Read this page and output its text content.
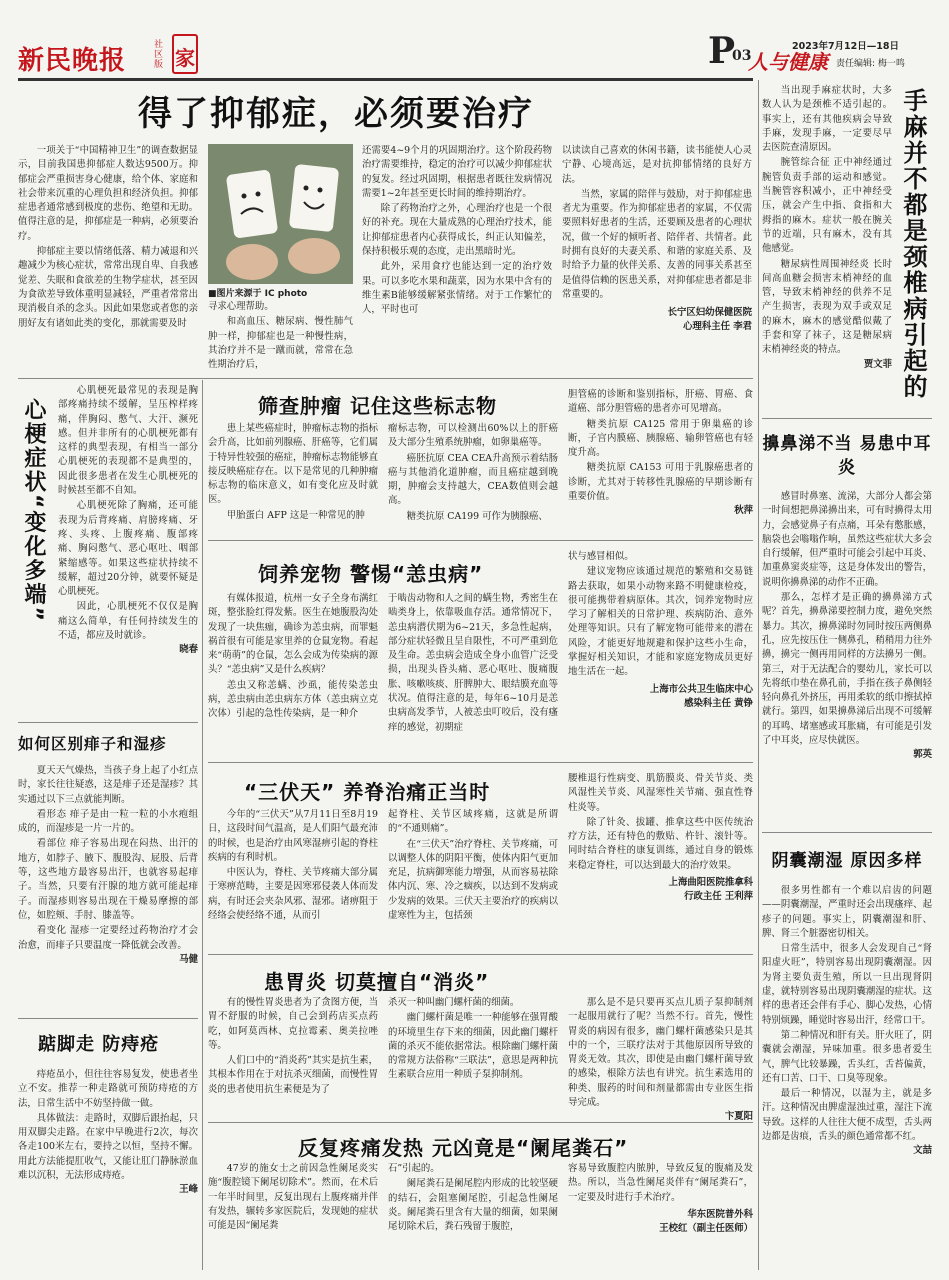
新民晚报
社区版 家	P
03
人与健康
2023年7月12日—18日
责任编辑: 梅一鸣
得了抑郁症，必须要治疗

一项关于“中国精神卫生”的调查数据显示，目前我国患抑郁症人数达9500万。抑郁症会严重损害身心健康，给个体、家庭和社会带来沉重的心理负担和经济负担。抑郁症患者通常感到极度的悲伤、绝望和无助。值得注意的是，抑郁症是一种病，必须要治疗。

抑郁症主要以情绪低落、精力减退和兴趣减少为核心症状，常常出现自卑、自我感觉差、失眠和食欲差的生物学症状，甚至因为食欲差导致体重明显减轻，严重者常常出现消极自杀的念头。因此如果您或者您的亲朋好友有诸如此类的变化，那就需要及时

■图片来源于 IC photo

寻求心理帮助。

和高血压、糖尿病、慢性肺气肿一样，抑郁症也是一种慢性病，其治疗并不是一蹴而就，常常在急性期治疗后，

还需要4~9个月的巩固期治疗。这个阶段药物治疗需要维持，稳定的治疗可以减少抑郁症状的复发。经过巩固期，根据患者既往发病情况需要1~2年甚至更长时间的维持期治疗。

除了药物治疗之外，心理治疗也是一个很好的补充。现在大量成熟的心理治疗技术，能让抑郁症患者内心获得成长，纠正认知偏差，保持积极乐观的态度，走出黑暗时光。

此外，采用食疗也能达到一定的治疗效果。可以多吃水果和蔬菜，因为水果中含有的维生素B能够缓解紧张情绪。对于工作繁忙的人，平时也可

以读读自己喜欢的休闲书籍，读书能使人心灵宁静、心境高远，是对抗抑郁情绪的良好方法。

当然，家属的陪伴与鼓励，对于抑郁症患者尤为重要。作为抑郁症患者的家属，不仅需要照料好患者的生活，还要顾及患者的心理状况，做一个好的倾听者、陪伴者、共情者。此时拥有良好的夫妻关系、和谐的家庭关系、及时给予力量的伙伴关系、友善的同事关系甚至是值得信赖的医患关系，对抑郁症患者都是非常重要的。

长宁区妇幼保健医院
心理科主任 李君

当出现手麻症状时，大多数人认为是颈椎不适引起的。事实上，还有其他疾病会导致手麻，发现手麻，一定要尽早去医院查清原因。

腕管综合征 正中神经通过腕管负责手部的运动和感觉。当腕管容积减小，正中神经受压，就会产生中指、食指和大拇指的麻木。症状一般在腕关节的近端，只有麻木，没有其他感觉。

糖尿病性周围神经炎 长时间高血糖会损害末梢神经的血管，导致末梢神经的供养不足产生损害，表现为双手或双足的麻木，麻木的感觉酷似戴了手套和穿了袜子，这是糖尿病末梢神经炎的特点。

贾文菲 手麻并不都是颈椎病引起的
擤鼻涕不当 易患中耳炎

感冒时鼻塞、流涕，大部分人都会第一时间想把鼻涕擤出来，可有时擤得太用力，会感觉鼻子有点痛，耳朵有憋胀感，脑袋也会嗡嗡作响，虽然这些症状大多会自行缓解，但严重时可能会引起中耳炎、加重鼻窦炎症等，这是身体发出的警告，说明你擤鼻涕的动作不正确。

那么，怎样才是正确的擤鼻涕方式呢？首先，擤鼻涕要控制力度，避免突然暴力。其次，擤鼻涕时勿同时按压两侧鼻孔，应先按压住一侧鼻孔，稍稍用力往外擤，擤完一侧再用同样的方法擤另一侧。第三，对于无法配合的婴幼儿，家长可以先将纸巾垫在鼻孔前，手指在孩子鼻侧轻轻向鼻孔外挤压，再用柔软的纸巾擦拭掉就行。第四，如果擤鼻涕后出现不可缓解的耳鸣、堵塞感或耳胀痛，有可能是引发了中耳炎，应尽快就医。

郭英
阴囊潮湿 原因多样

很多男性都有一个难以启齿的问题——阴囊潮湿，严重时还会出现瘙痒、起疹子的问题。事实上，阴囊潮湿和肝、脾、肾三个脏器密切相关。

日常生活中，很多人会发现自己“肾阳虚火旺”，特别容易出现阴囊潮湿。因为肾主要负责生殖，所以一旦出现肾阴虚，就特别容易出现阴囊潮湿的症状。这样的患者还会伴有手心、脚心发热，心情特别烦躁，睡觉时容易出汗，经常口干。

第二种情况和肝有关。肝火旺了，阴囊就会潮湿，异味加重。很多患者爱生气，脾气比较暴躁，舌头红，舌苔偏黄，还有口苦、口干、口臭等现象。

最后一种情况，以湿为主，就是多汗。这种情况由脾虚湿浊过重，湿注下流导致。这样的人往往大便不成型，舌头两边都是齿痕，舌头的颜色通常都不红。

文喆
心梗症状“变化多端”

心肌梗死最常见的表现是胸部疼痛持续不缓解，呈压榨样疼痛，伴胸闷、憋气、大汗、濒死感。但并非所有的心肌梗死都有这样的典型表现，有相当一部分心肌梗死的表现都不是典型的，因此很多患者在发生心肌梗死的时候甚至都不自知。

心肌梗死除了胸痛，还可能表现为后背疼痛、肩膀疼痛、牙疼、头疼、上腹疼痛、腹部疼痛、胸闷憋气、恶心呕吐、咽部紧缩感等。如果这些症状持续不缓解，超过20分钟，就要怀疑是心肌梗死。

因此，心肌梗死不仅仅是胸痛这么简单，有任何持续发生的不适，都应及时就诊。

晓春
如何区别痱子和湿疹

夏天天气燥热，当孩子身上起了小红点时，家长往往疑惑，这是痱子还是湿疹？其实通过以下三点就能判断。

看形态 痱子是由一粒一粒的小水疱组成的，而湿疹是一片一片的。

看部位 痱子容易出现在闷热、出汗的地方，如脖子、腋下、腹股沟、屁股、后背等，这些地方最容易出汗，也就容易起痱子。当然，只要有汗腺的地方就可能起痱子。而湿疹则容易出现在干燥易摩擦的部位，如腔颊、手肘、膝盖等。

看变化 湿疹一定要经过药物治疗才会治愈，而痱子只要温度一降低就会改善。

马健
踮脚走 防痔疮

痔疮虽小，但往往容易复发，使患者坐立不安。推荐一种走路就可预防痔疮的方法，日常生活中不妨坚持做一做。

具体做法：走路时，双脚后跟抬起，只用双脚尖走路。在家中早晚进行2次，每次各走100米左右，要持之以恒，坚持不懈。用此方法能提肛收气，又能让肛门静脉淤血难以沉积，无法形成痔疮。

王峰
筛查肿瘤 记住这些标志物

患上某些癌症时，肿瘤标志物的指标会升高，比如前列腺癌、肝癌等，它们属于特异性较强的癌症，肿瘤标志物能够直接反映癌症存在。以下是常见的几种肿瘤标志物的临床意义，如有变化应及时就医。

甲胎蛋白 AFP 这是一种常见的肿

瘤标志物，可以检测出60%以上的肝癌及大部分生殖系统肿瘤，如卵巢癌等。

癌胚抗原 CEA CEA升高预示着结肠癌与其他消化道肿瘤，而且癌症越到晚期，肿瘤会支持越大，CEA数值则会越高。

糖类抗原 CA199 可作为胰腺癌、

胆管癌的诊断和鉴别指标，肝癌、胃癌、食道癌、部分胆管癌的患者亦可见增高。

糖类抗原 CA125 常用于卵巢癌的诊断，子宫内膜癌、胰腺癌、输卵管癌也有轻度升高。

糖类抗原 CA153 可用于乳腺癌患者的诊断，尤其对于转移性乳腺癌的早期诊断有重要价值。

秋萍
饲养宠物 警惕“恙虫病”

有媒体报道，杭州一女子全身布满红斑，整张脸红得发紫。医生在她腹股沟处发现了一块焦痂，确诊为恙虫病，而罪魁祸首很有可能是家里养的仓鼠宠物。看起来“萌萌”的仓鼠，怎么会成为传染病的源头？“恙虫病”又是什么疾病？

恙虫又称恙螨、沙虱，能传染恙虫病，恙虫病由恙虫病东方体（恙虫病立克次体）引起的急性传染病，是一种介

于啮齿动物和人之间的螨生物，秀密生在啮类身上，依靠吸血存活。通常情况下，恙虫病潜伏期为6~21天，多急性起病，部分症状轻微且呈自限性，不可严重到危及生命。恙虫病会造成全身小血管广泛受损，出现头昏头痛、恶心呕吐、腹痛腹胀、咳嗽咳痰、肝脾肿大、眼结膜充血等状况。值得注意的是，每年6~10月是恙虫病高发季节，人被恙虫叮咬后，没有瘙痒的感觉，初期症

状与感冒相似。

建议宠物应该通过规范的繁殖和交易链路去获取，如果小动物来路不明健康检疫，很可能携带着病原体。其次，饲养宠物时应学习了解相关的日常护理、疾病防治、意外处理等知识。只有了解宠物可能带来的潜在风险，才能更好地规避和保护这些小生命，掌握好相关知识，才能和家庭宠物成员更好地生活在一起。

上海市公共卫生临床中心
感染科主任 黄铮
“三伏天” 养脊治痛正当时

今年的“三伏天”从7月11日至8月19日，这段时间气温高，是人们阳气最充沛的时候，也是治疗由风寒湿痹引起的脊柱疾病的有利时机。

中医认为，脊柱、关节疼痛大部分属于寒痹范畴，主要是因寒邪侵袭人体而发病，有时还会夹杂风邪、湿邪。诸痹阻于经络会使经络不通，从而引

起脊柱、关节区域疼痛，这就是所谓的“不通则痛”。

在“三伏天”治疗脊柱、关节疼痛，可以调整人体的阴阳平衡，使体内阳气更加充足，抗病御寒能力增强，从而容易祛除体内沉、寒、冷之痼疾，以达到不发病或少发病的效果。三伏天主要治疗的疾病以虚寒性为主，包括颈

腰椎退行性病变、肌筋膜炎、骨关节炎、类风湿性关节炎、风湿寒性关节痛、强直性脊柱炎等。

除了针灸、拔罐、推拿这些中医传统治疗方法，还有特色的敷贴、杵针、滚针等。同时结合脊柱的康复训练，通过自身的锻炼来稳定脊柱，可以达到最大的治疗效果。

上海曲阳医院推拿科
行政主任 王利萍
患胃炎 切莫擅自“消炎”

有的慢性胃炎患者为了贪图方便，当胃不舒服的时候，自己会到药店买点药吃，如阿莫西林、克拉霉素、奥美拉唑等。

人们口中的“消炎药”其实是抗生素，其根本作用在于对抗杀灭细菌，而慢性胃炎的患者使用抗生素便是为了

杀灭一种叫幽门螺杆菌的细菌。

幽门螺杆菌是唯一一种能够在强胃酸的环境里生存下来的细菌，因此幽门螺杆菌的杀灭不能依据常法。根除幽门螺杆菌的常规方法俗称“三联法”，意思是两种抗生素联合应用一种质子泵抑制剂。

那么是不是只要再买点儿质子泵抑制剂一起服用就行了呢？当然不行。首先，慢性胃炎的病因有很多，幽门螺杆菌感染只是其中的一个，三联疗法对于其他原因所导致的胃炎无效。其次，即使是由幽门螺杆菌导致的感染，根除方法也有讲究。抗生素选用的种类、服药的时间和剂量都需由专业医生指导完成。

卞夏阳
反复疼痛发热 元凶竟是“阑尾粪石”

47岁的施女士之前因急性阑尾炎实施“腹腔镜下阑尾切除术”。然而，在术后一年半时间里，反复出现右上腹疼痛并伴有发热，辗转多家医院后，发现她的症状可能是因“阑尾粪

石”引起的。

阑尾粪石是阑尾腔内形成的比较坚硬的结石，会阻塞阑尾腔，引起急性阑尾炎。阑尾粪石里含有大量的细菌，如果阑尾切除术后，粪石残留于腹腔，

容易导致腹腔内脓肿，导致反复的腹痛及发热。所以，当急性阑尾炎伴有“阑尾粪石”，一定要及时进行手术治疗。

华东医院普外科
王校红（副主任医师）
